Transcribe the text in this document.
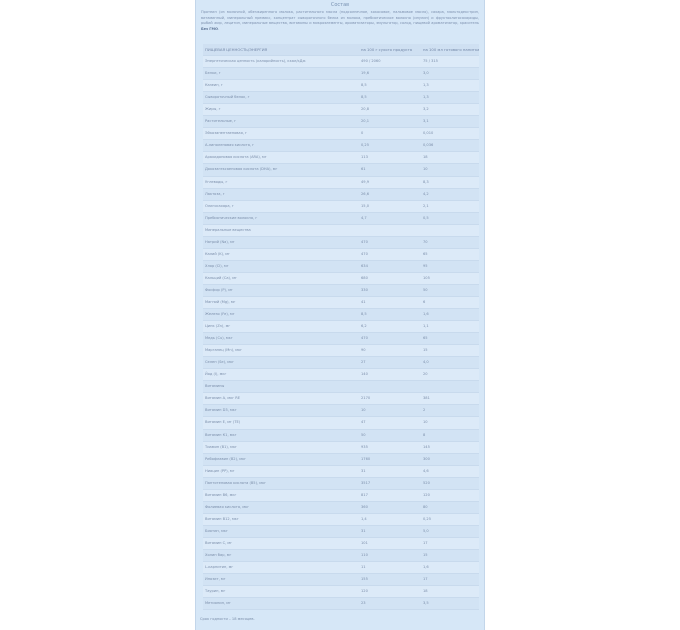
Состав
Протеин (из молочной, обезжиренного молока, растительного масла (подсолнечное, кокосовое, пальмовое масло), сахара, мальтодекстрин, витаминный, минеральный премикс, концентрат сывороточного белка из молока, пребиотическое волокно (инулин) и фруктоолигосахариды, рыбий жир, лецитин, минеральные вещества, витамины и микроэлементы, ароматизаторы, эмульгатор, солод, пищевой ароматизатор, краситель Без ГМО.
ПИЩЕВАЯ ЦЕННОСТЬ/ЭНЕРГИЯ	на 100 г сухого продукта	на 100 мл готового напитка
Энергетическая ценность (калорийность), ккал/кДж	490 / 2060	75 / 315
Белки, г	19,6	3,0
Казеин, г	8,5	1,3
Сывороточный белок, г	8,5	1,3
Жиры, г	20,8	3,2
Растительные, г	20,1	3,1
Эйкозапентаеновая, г	0	0,010
Α-линоленовая кислота, г	0,25	0,036
Арахидоновая кислота (ARA), мг	113	18
Докозагексаеновая кислота (DHA), мг	61	10
Углеводы, г	49,9	8,3
Лактоза, г	26,6	4,2
Олигосахара, г	15,0	2,1
Пребиотические волокна, г	4,7	0,5
Минеральные вещества
Натрий (Na), мг	470	70
Калий (K), мг	470	65
Хлор (Cl), мг	634	95
Кальций (Ca), мг	680	105
Фосфор (P), мг	330	50
Магний (Mg), мг	41	6
Железо (Fe), мг	8,5	1,6
Цинк (Zn), мг	6,2	1,1
Медь (Cu), мкг	470	65
Марганец (Mn), мкг	90	15
Селен (Se), мкг	27	4,0
Йод (I), мкг	140	20
Витамины
Витамин А, мкг RE	2170	381
Витамин D3, мкг	10	2
Витамин Е, мг (TE)	47	10
Витамин К1, мкг	50	8
Тиамин (В1), мкг	935	145
Рибофлавин (В2), мкг	1760	300
Ниацин (РР), мг	31	4,6
Пантотеновая кислота (В5), мкг	3517	520
Витамин В6, мкг	817	120
Фолиевая кислота, мкг	360	80
Витамин В12, мкг	1,4	0,25
Биотин, мкг	31	5,0
Витамин С, мг	101	17
Холин бар, мг	110	15
L-карнитин, мг	11	1,6
Инозит, мг	155	17
Таурин, мг	120	18
Метионин, мг	23	3,5
Срок годности – 18 месяцев.
